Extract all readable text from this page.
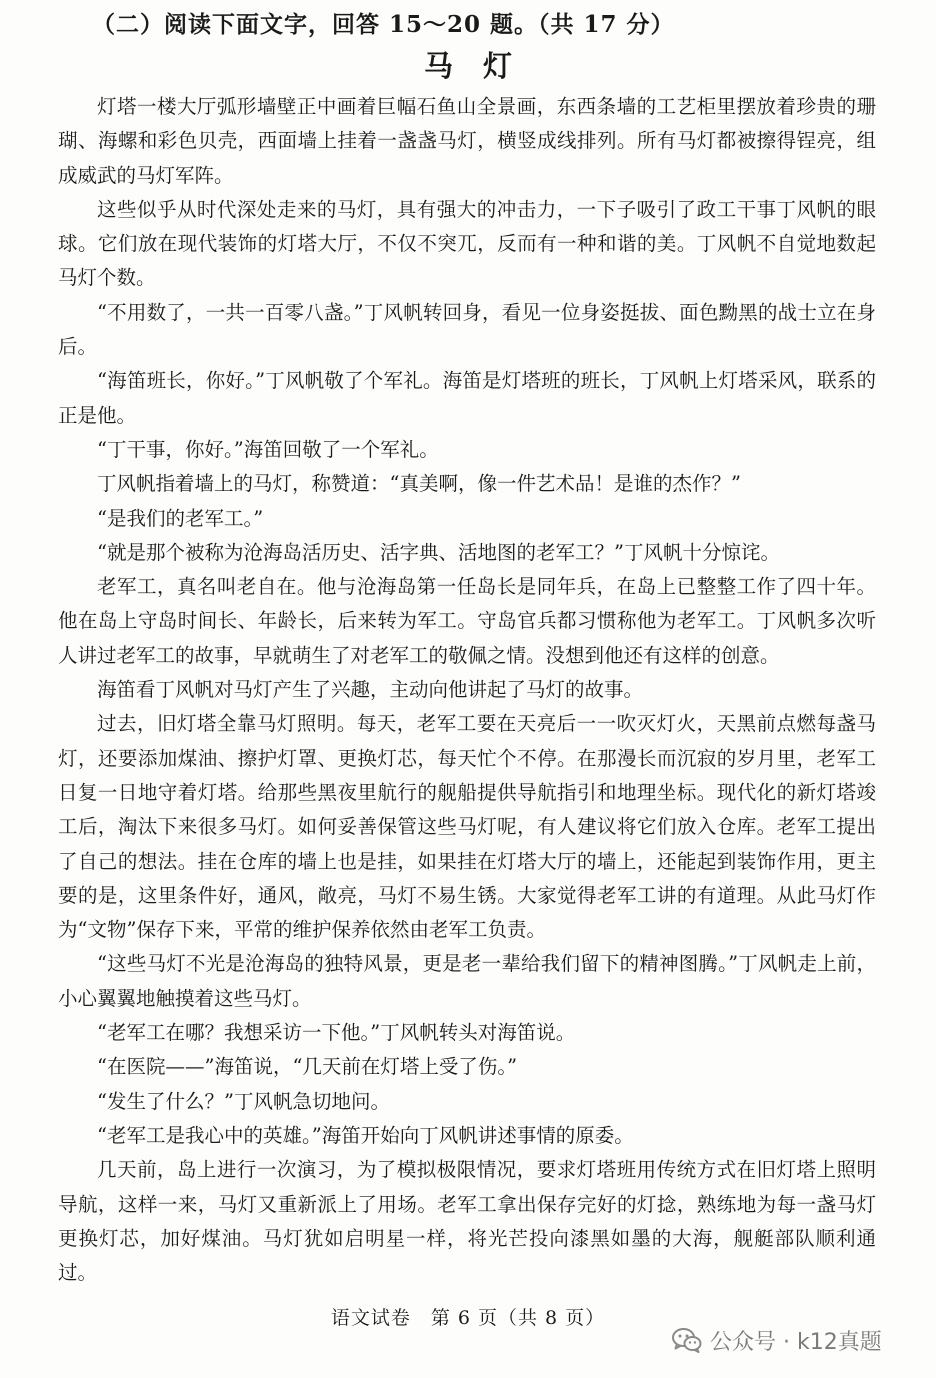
（二）阅读下面文字，回答 15～20 题。（共 17 分）
马灯

灯塔一楼大厅弧形墙壁正中画着巨幅石鱼山全景画，东西条墙的工艺柜里摆放着珍贵的珊瑚、海螺和彩色贝壳，西面墙上挂着一盏盏马灯，横竖成线排列。所有马灯都被擦得锃亮，组成威武的马灯军阵。

这些似乎从时代深处走来的马灯，具有强大的冲击力，一下子吸引了政工干事丁风帆的眼球。它们放在现代装饰的灯塔大厅，不仅不突兀，反而有一种和谐的美。丁风帆不自觉地数起马灯个数。

“不用数了，一共一百零八盏。”丁风帆转回身，看见一位身姿挺拔、面色黝黑的战士立在身后。

“海笛班长，你好。”丁风帆敬了个军礼。海笛是灯塔班的班长，丁风帆上灯塔采风，联系的正是他。

“丁干事，你好。”海笛回敬了一个军礼。

丁风帆指着墙上的马灯，称赞道：“真美啊，像一件艺术品！是谁的杰作？”

“是我们的老军工。”

“就是那个被称为沧海岛活历史、活字典、活地图的老军工？”丁风帆十分惊诧。

老军工，真名叫老自在。他与沧海岛第一任岛长是同年兵，在岛上已整整工作了四十年。他在岛上守岛时间长、年龄长，后来转为军工。守岛官兵都习惯称他为老军工。丁风帆多次听人讲过老军工的故事，早就萌生了对老军工的敬佩之情。没想到他还有这样的创意。

海笛看丁风帆对马灯产生了兴趣，主动向他讲起了马灯的故事。

过去，旧灯塔全靠马灯照明。每天，老军工要在天亮后一一吹灭灯火，天黑前点燃每盏马灯，还要添加煤油、擦护灯罩、更换灯芯，每天忙个不停。在那漫长而沉寂的岁月里，老军工日复一日地守着灯塔。给那些黑夜里航行的舰船提供导航指引和地理坐标。现代化的新灯塔竣工后，淘汰下来很多马灯。如何妥善保管这些马灯呢，有人建议将它们放入仓库。老军工提出了自己的想法。挂在仓库的墙上也是挂，如果挂在灯塔大厅的墙上，还能起到装饰作用，更主要的是，这里条件好，通风，敞亮，马灯不易生锈。大家觉得老军工讲的有道理。从此马灯作为“文物”保存下来，平常的维护保养依然由老军工负责。

“这些马灯不光是沧海岛的独特风景，更是老一辈给我们留下的精神图腾。”丁风帆走上前，小心翼翼地触摸着这些马灯。

“老军工在哪？我想采访一下他。”丁风帆转头对海笛说。

“在医院——”海笛说，“几天前在灯塔上受了伤。”

“发生了什么？”丁风帆急切地问。

“老军工是我心中的英雄。”海笛开始向丁风帆讲述事情的原委。

几天前，岛上进行一次演习，为了模拟极限情况，要求灯塔班用传统方式在旧灯塔上照明导航，这样一来，马灯又重新派上了用场。老军工拿出保存完好的灯捻，熟练地为每一盏马灯更换灯芯，加好煤油。马灯犹如启明星一样，将光芒投向漆黑如墨的大海，舰艇部队顺利通过。

语文试卷　第 6 页（共 8 页）
公众号 · k12真题
